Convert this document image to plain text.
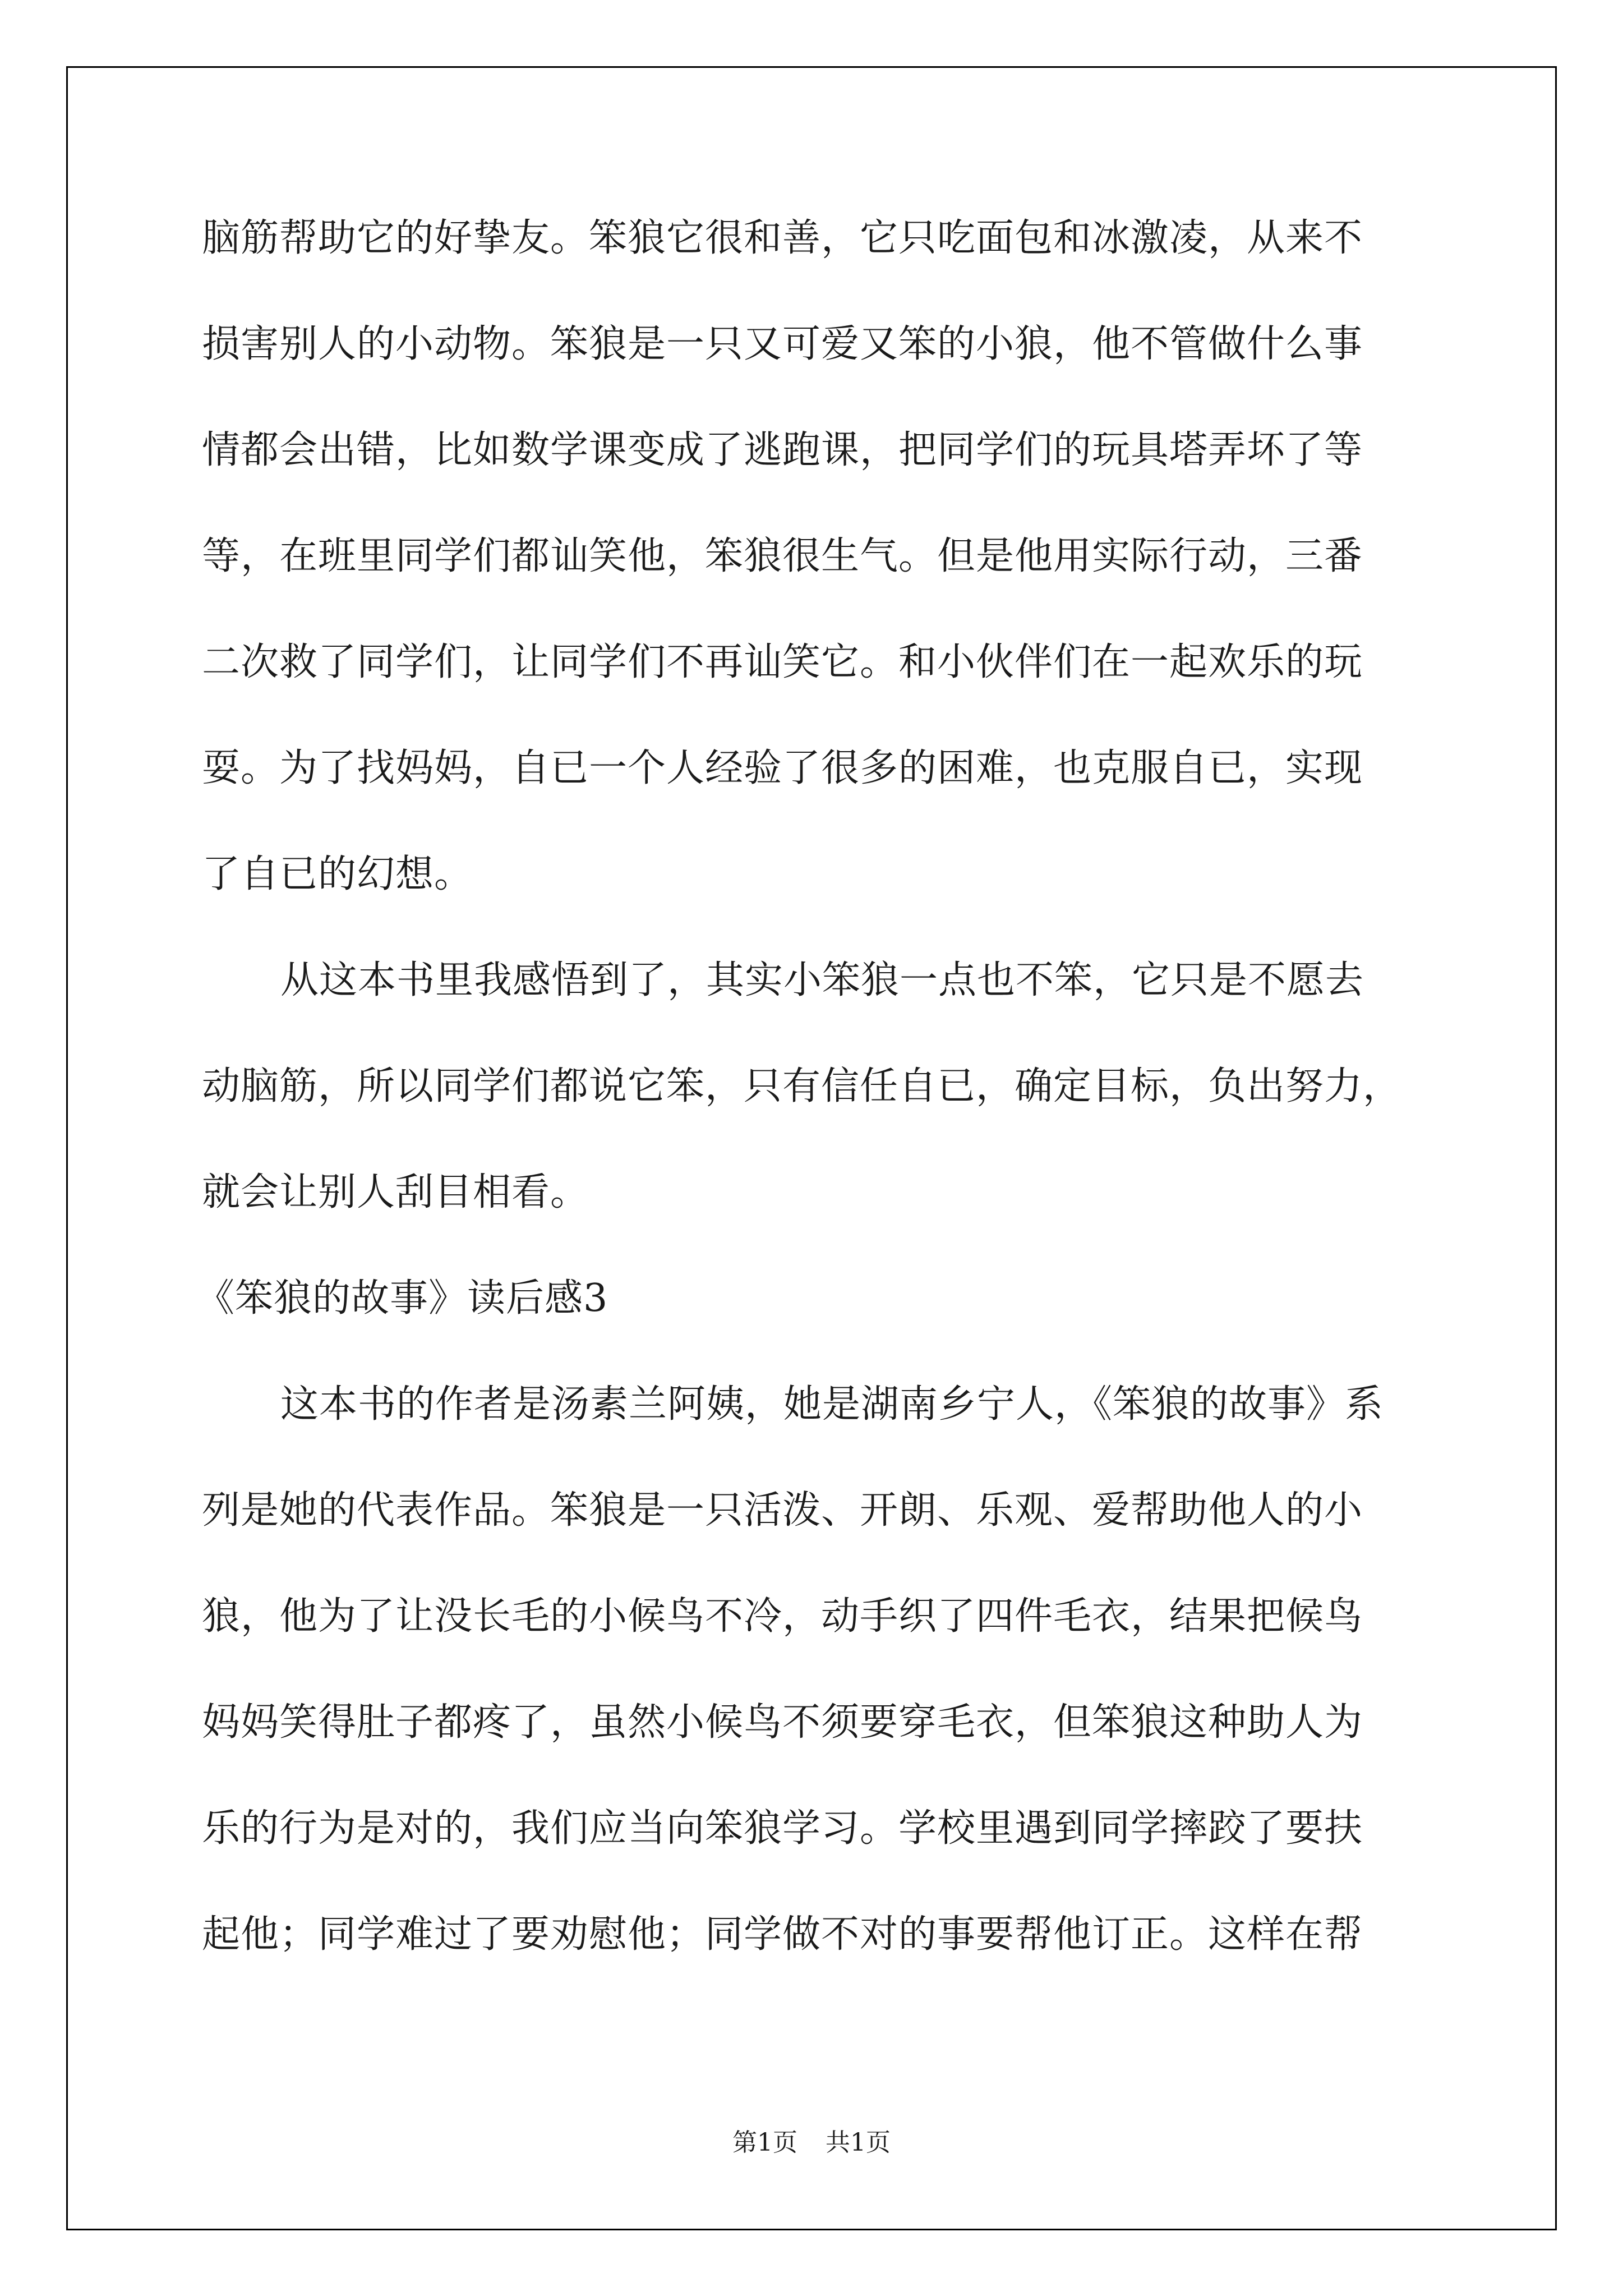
脑筋帮助它的好挚友。笨狼它很和善，它只吃面包和冰激凌，从来不
损害别人的小动物。笨狼是一只又可爱又笨的小狼，他不管做什么事
情都会出错，比如数学课变成了逃跑课，把同学们的玩具塔弄坏了等
等，在班里同学们都讪笑他，笨狼很生气。但是他用实际行动，三番
二次救了同学们，让同学们不再讪笑它。和小伙伴们在一起欢乐的玩
耍。为了找妈妈，自已一个人经验了很多的困难，也克服自已，实现
了自已的幻想。
从这本书里我感悟到了，其实小笨狼一点也不笨，它只是不愿去
动脑筋，所以同学们都说它笨，只有信任自已，确定目标，负出努力，
就会让别人刮目相看。
《笨狼的故事》读后感3
这本书的作者是汤素兰阿姨，她是湖南乡宁人，《笨狼的故事》系
列是她的代表作品。笨狼是一只活泼、开朗、乐观、爱帮助他人的小
狼，他为了让没长毛的小候鸟不冷，动手织了四件毛衣，结果把候鸟
妈妈笑得肚子都疼了，虽然小候鸟不须要穿毛衣，但笨狼这种助人为
乐的行为是对的，我们应当向笨狼学习。学校里遇到同学摔跤了要扶
起他；同学难过了要劝慰他；同学做不对的事要帮他订正。这样在帮
第1页 共1页
